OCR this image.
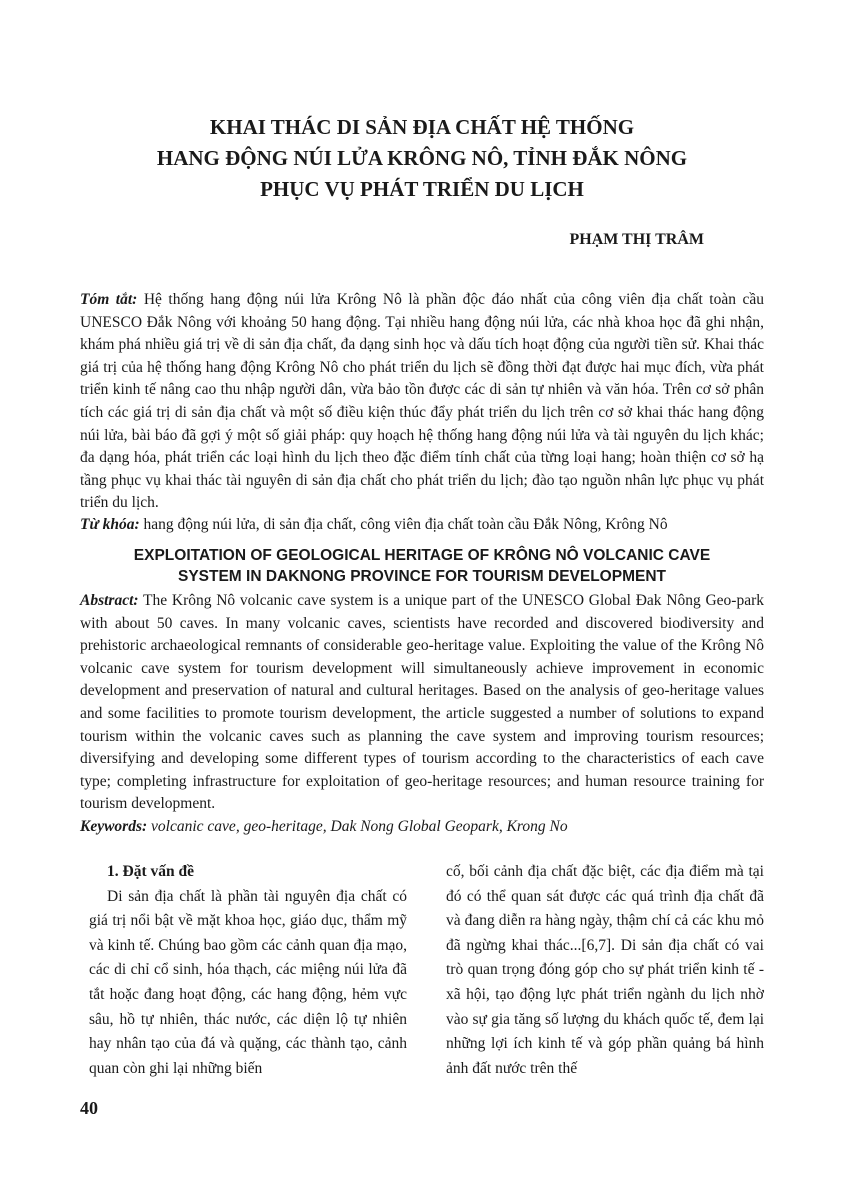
KHAI THÁC DI SẢN ĐỊA CHẤT HỆ THỐNG
HANG ĐỘNG NÚI LỬA KRÔNG NÔ, TỈNH ĐẮK NÔNG
PHỤC VỤ PHÁT TRIỂN DU LỊCH
PHẠM THỊ TRÂM
Tóm tắt: Hệ thống hang động núi lửa Krông Nô là phần độc đáo nhất của công viên địa chất toàn cầu UNESCO Đắk Nông với khoảng 50 hang động. Tại nhiều hang động núi lửa, các nhà khoa học đã ghi nhận, khám phá nhiều giá trị về di sản địa chất, đa dạng sinh học và dấu tích hoạt động của người tiền sử. Khai thác giá trị của hệ thống hang động Krông Nô cho phát triển du lịch sẽ đồng thời đạt được hai mục đích, vừa phát triển kinh tế nâng cao thu nhập người dân, vừa bảo tồn được các di sản tự nhiên và văn hóa. Trên cơ sở phân tích các giá trị di sản địa chất và một số điều kiện thúc đẩy phát triển du lịch trên cơ sở khai thác hang động núi lửa, bài báo đã gợi ý một số giải pháp: quy hoạch hệ thống hang động núi lửa và tài nguyên du lịch khác; đa dạng hóa, phát triển các loại hình du lịch theo đặc điểm tính chất của từng loại hang; hoàn thiện cơ sở hạ tầng phục vụ khai thác tài nguyên di sản địa chất cho phát triển du lịch; đào tạo nguồn nhân lực phục vụ phát triển du lịch.
Từ khóa: hang động núi lửa, di sản địa chất, công viên địa chất toàn cầu Đắk Nông, Krông Nô
EXPLOITATION OF GEOLOGICAL HERITAGE OF KRÔNG NÔ VOLCANIC CAVE
SYSTEM IN DAKNONG PROVINCE FOR TOURISM DEVELOPMENT
Abstract: The Krông Nô volcanic cave system is a unique part of the UNESCO Global Đak Nông Geo-park with about 50 caves. In many volcanic caves, scientists have recorded and discovered biodiversity and prehistoric archaeological remnants of considerable geo-heritage value. Exploiting the value of the Krông Nô volcanic cave system for tourism development will simultaneously achieve improvement in economic development and preservation of natural and cultural heritages. Based on the analysis of geo-heritage values and some facilities to promote tourism development, the article suggested a number of solutions to expand tourism within the volcanic caves such as planning the cave system and improving tourism resources; diversifying and developing some different types of tourism according to the characteristics of each cave type; completing infrastructure for exploitation of geo-heritage resources; and human resource training for tourism development.
Keywords: volcanic cave, geo-heritage, Dak Nong Global Geopark, Krong No

1. Đặt vấn đề

Di sản địa chất là phần tài nguyên địa chất có giá trị nổi bật về mặt khoa học, giáo dục, thẩm mỹ và kinh tế. Chúng bao gồm các cảnh quan địa mạo, các di chỉ cổ sinh, hóa thạch, các miệng núi lửa đã tắt hoặc đang hoạt động, các hang động, hẻm vực sâu, hồ tự nhiên, thác nước, các diện lộ tự nhiên hay nhân tạo của đá và quặng, các thành tạo, cảnh quan còn ghi lại những biến

cố, bối cảnh địa chất đặc biệt, các địa điểm mà tại đó có thể quan sát được các quá trình địa chất đã và đang diễn ra hàng ngày, thậm chí cả các khu mỏ đã ngừng khai thác...[6,7]. Di sản địa chất có vai trò quan trọng đóng góp cho sự phát triển kinh tế - xã hội, tạo động lực phát triển ngành du lịch nhờ vào sự gia tăng số lượng du khách quốc tế, đem lại những lợi ích kinh tế và góp phần quảng bá hình ảnh đất nước trên thế

40
